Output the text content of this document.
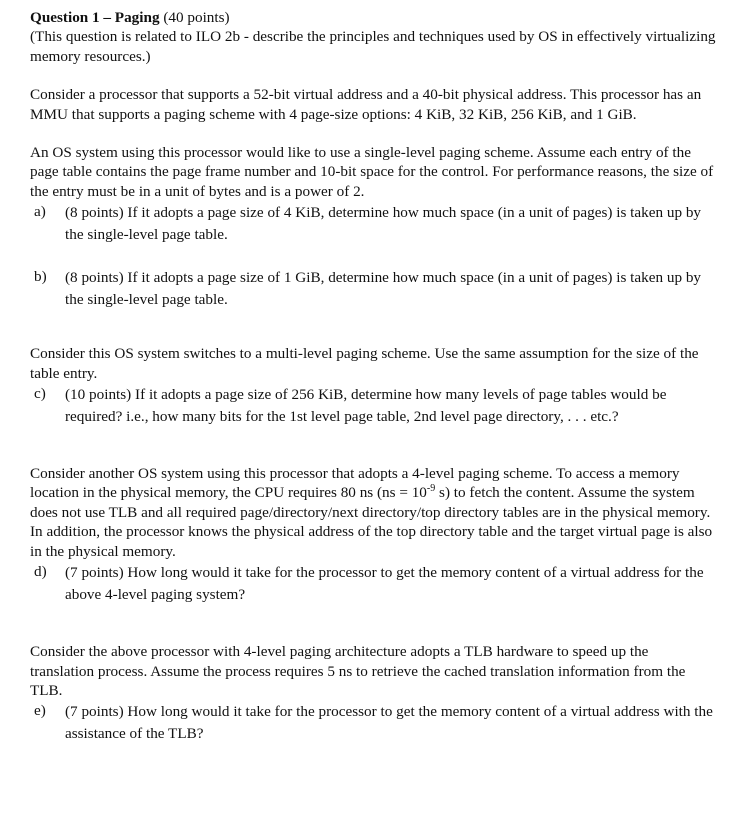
Question 1 – Paging (40 points)

(This question is related to ILO 2b - describe the principles and techniques used by OS in effectively virtualizing memory resources.)

Consider a processor that supports a 52-bit virtual address and a 40-bit physical address. This processor has an MMU that supports a paging scheme with 4 page-size options: 4 KiB, 32 KiB, 256 KiB, and 1 GiB.

An OS system using this processor would like to use a single-level paging scheme. Assume each entry of the page table contains the page frame number and 10-bit space for the control. For performance reasons, the size of the entry must be in a unit of bytes and is a power of 2.

a)	(8 points) If it adopts a page size of 4 KiB, determine how much space (in a unit of pages) is taken up by the single-level page table.
b)	(8 points) If it adopts a page size of 1 GiB, determine how much space (in a unit of pages) is taken up by the single-level page table.

Consider this OS system switches to a multi-level paging scheme. Use the same assumption for the size of the table entry.

c)	(10 points) If it adopts a page size of 256 KiB, determine how many levels of page tables would be required? i.e., how many bits for the 1st level page table, 2nd level page directory, . . . etc.?

Consider another OS system using this processor that adopts a 4-level paging scheme. To access a memory location in the physical memory, the CPU requires 80 ns ($ns = 10^{-9}$ s) to fetch the content. Assume the system does not use TLB and all required page/directory/next directory/top directory tables are in the physical memory. In addition, the processor knows the physical address of the top directory table and the target virtual page is also in the physical memory.

d)	(7 points) How long would it take for the processor to get the memory content of a virtual address for the above 4-level paging system?

Consider the above processor with 4-level paging architecture adopts a TLB hardware to speed up the translation process. Assume the process requires 5 ns to retrieve the cached translation information from the TLB.

e)	(7 points) How long would it take for the processor to get the memory content of a virtual address with the assistance of the TLB?
